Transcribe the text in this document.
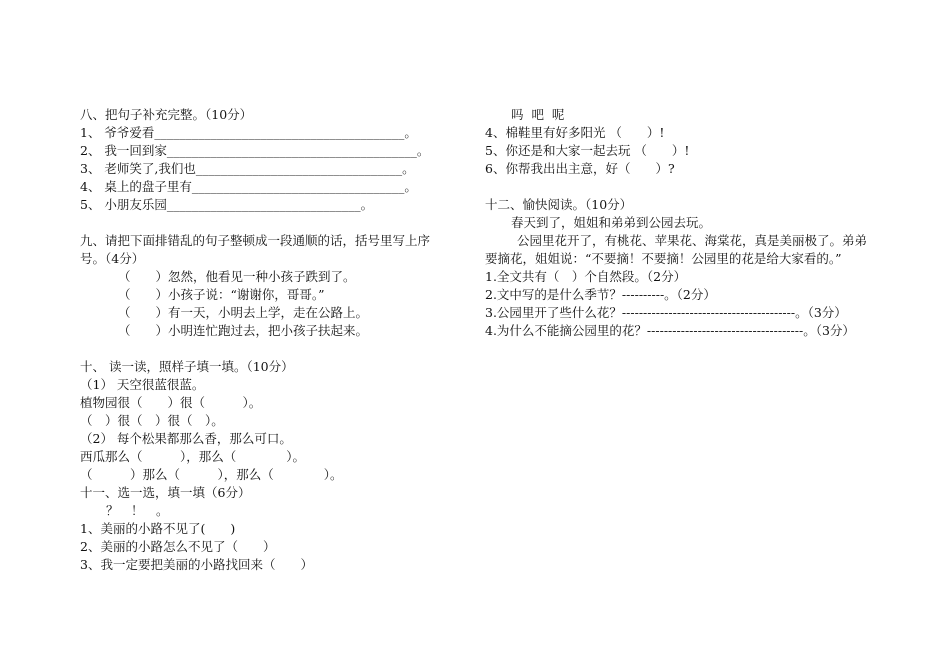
八、把句子补充完整。（10分）
1、 爷爷爱看________________________________________。
2、 我一回到家________________________________________。
3、 老师笑了,我们也_________________________________。
4、 桌上的盘子里有__________________________________。
5、 小朋友乐园_______________________________。
九、请把下面排错乱的句子整顿成一段通顺的话，括号里写上序
号。（4分）
（　　）忽然，他看见一种小孩子跌到了。
（　　）小孩子说：“谢谢你，哥哥。”
（　　）有一天，小明去上学，走在公路上。
（　　）小明连忙跑过去，把小孩子扶起来。
十、 读一读，照样子填一填。（10分）
（1） 天空很蓝很蓝。
植物园很（　　）很（　　　）。
（　）很（　）很（　）。
（2） 每个松果都那么香，那么可口。
西瓜那么（　　　），那么（　　　　）。
（　　　）那么（　　　），那么（　　　　）。
十一、选一选，填一填（6分）
？　！　。
1、美丽的小路不见了(　　)
2、美丽的小路怎么不见了（　　）
3、我一定要把美丽的小路找回来（　　）
吗  吧  呢
4、棉鞋里有好多阳光 （　　）!
5、你还是和大家一起去玩 （　　）!
6、你帮我出出主意，好（　　）?
十二、愉快阅读。（10分）
春天到了，姐姐和弟弟到公园去玩。
公园里花开了，有桃花、苹果花、海棠花，真是美丽极了。弟弟要摘花，姐姐说：“不要摘！不要摘！公园里的花是给大家看的。”
1.全文共有（　）个自然段。（2分）
2.文中写的是什么季节？----------。（2分）
3.公园里开了些什么花？-----------------------------------------。（3分）
4.为什么不能摘公园里的花？-------------------------------------。（3分）
